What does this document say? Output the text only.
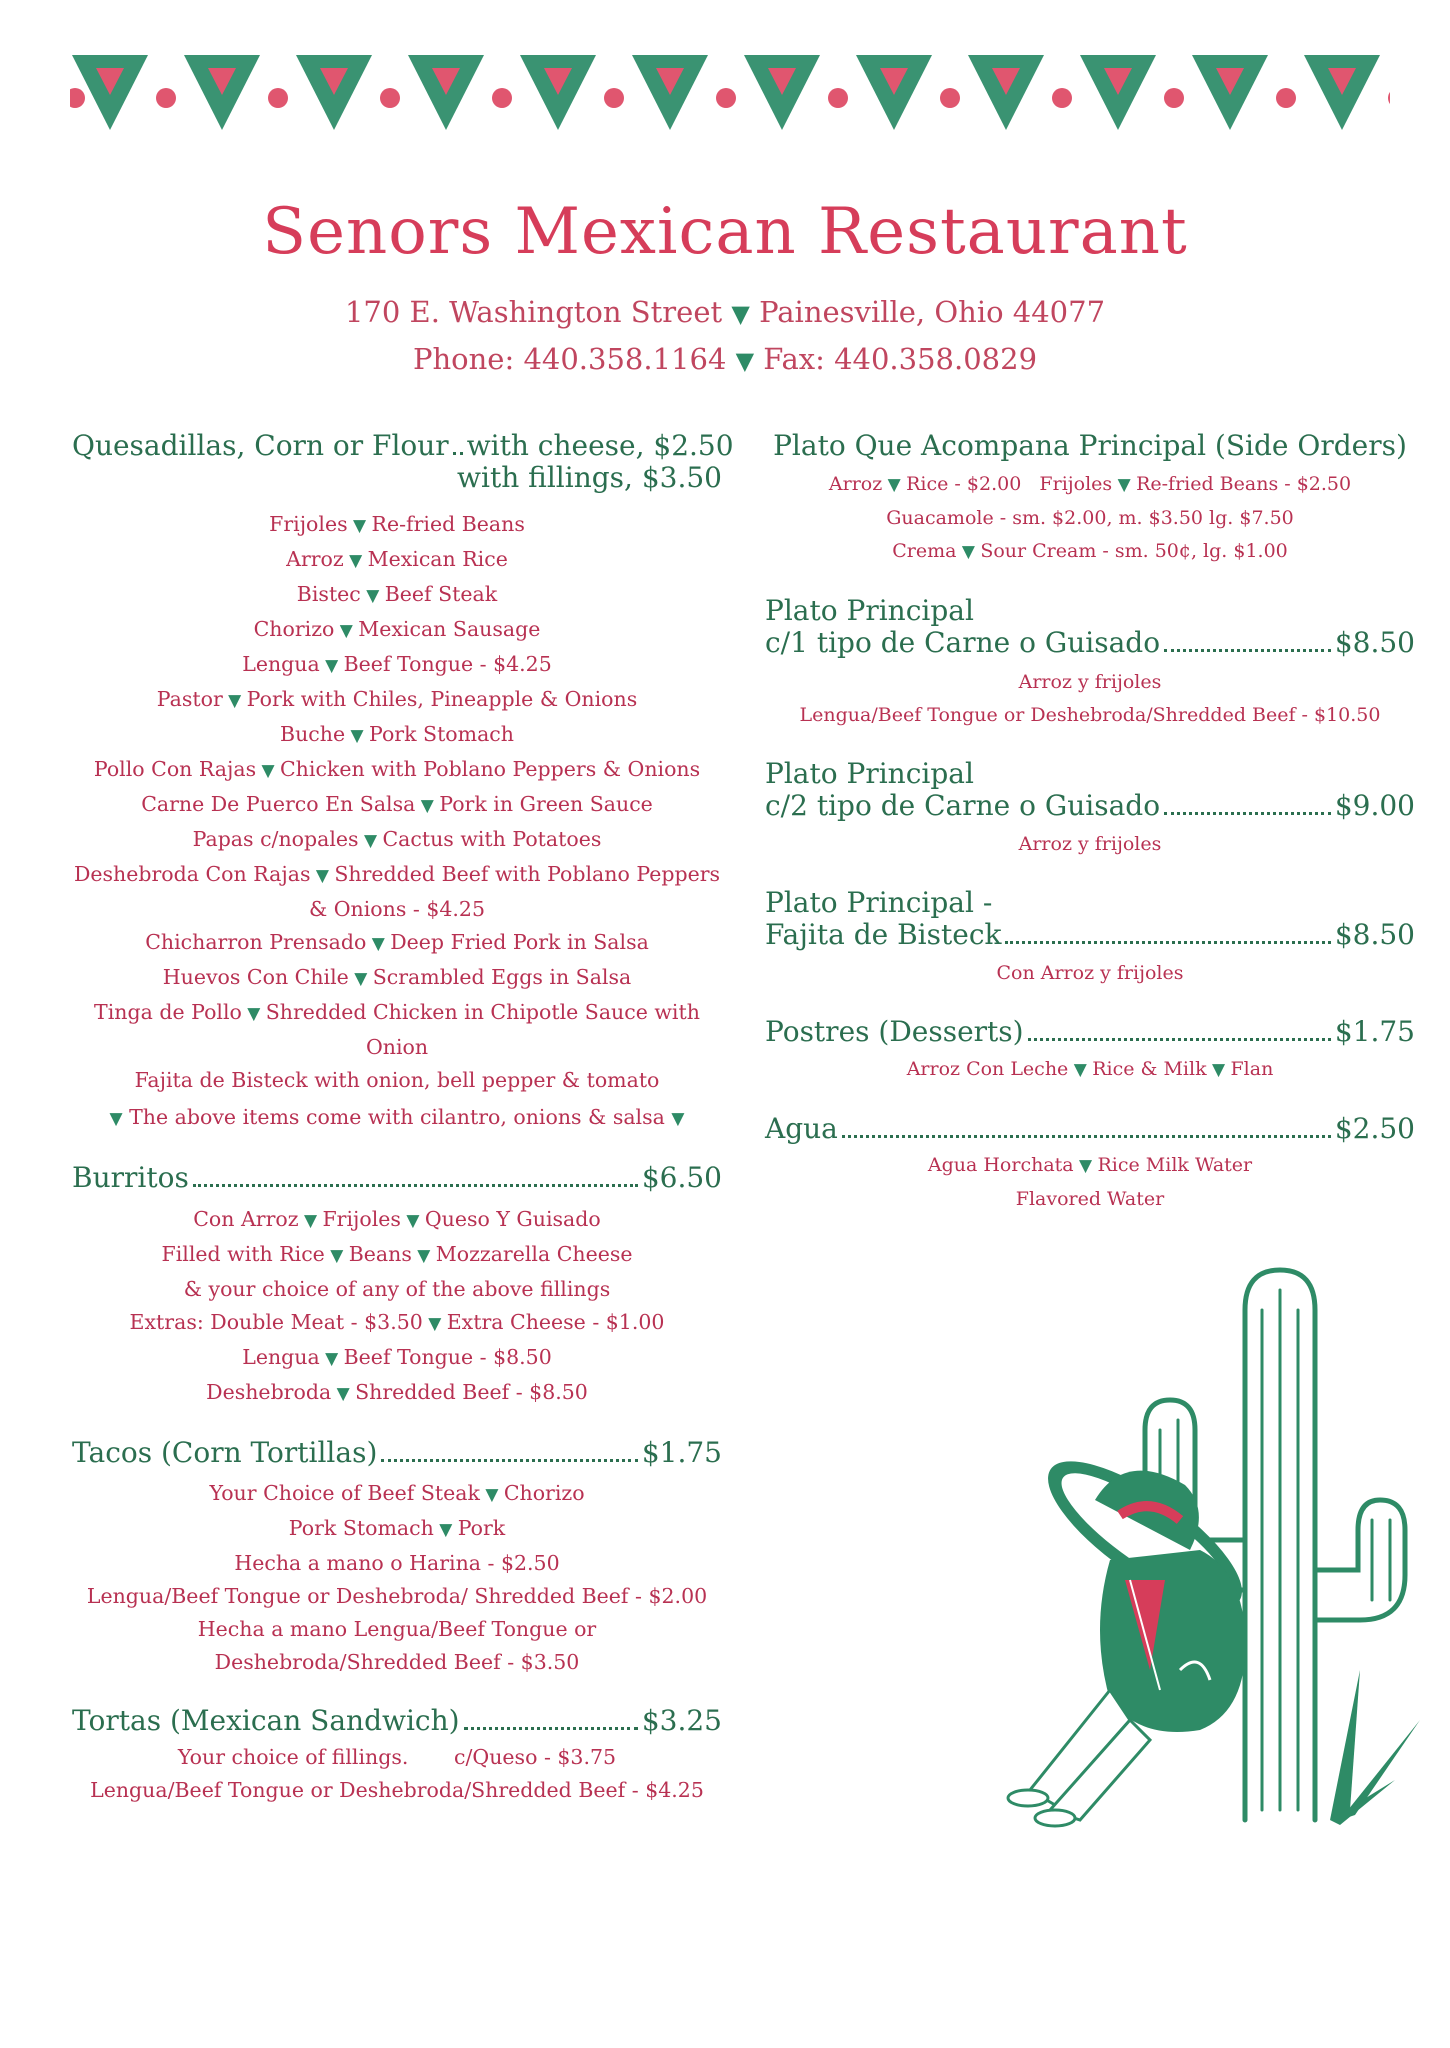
Senors Mexican Restaurant
170 E. Washington Street ▼ Painesville, Ohio 44077
Phone: 440.358.1164 ▼ Fax: 440.358.0829
Quesadillas, Corn or Flour with cheese,
$2.50
with fillings,
$3.50
Frijoles ▼ Re-fried Beans
Arroz ▼ Mexican Rice
Bistec ▼ Beef Steak
Chorizo ▼ Mexican Sausage
Lengua ▼ Beef Tongue - $4.25
Pastor ▼ Pork with Chiles, Pineapple & Onions
Buche ▼ Pork Stomach
Pollo Con Rajas ▼ Chicken with Poblano Peppers & Onions
Carne De Puerco En Salsa ▼ Pork in Green Sauce
Papas c/nopales ▼ Cactus with Potatoes
Deshebroda Con Rajas ▼ Shredded Beef with Poblano Peppers
& Onions - $4.25
Chicharron Prensado ▼ Deep Fried Pork in Salsa
Huevos Con Chile ▼ Scrambled Eggs in Salsa
Tinga de Pollo ▼ Shredded Chicken in Chipotle Sauce with Onion
Fajita de Bisteck with onion, bell pepper & tomato
▼ The above items come with cilantro, onions & salsa ▼
Burritos	$6.50
Con Arroz ▼ Frijoles ▼ Queso Y Guisado
Filled with Rice ▼ Beans ▼ Mozzarella Cheese
& your choice of any of the above fillings
Extras: Double Meat - $3.50 ▼ Extra Cheese - $1.00
Lengua ▼ Beef Tongue - $8.50
Deshebroda ▼ Shredded Beef - $8.50
Tacos (Corn Tortillas)	$1.75
Your Choice of Beef Steak ▼ Chorizo
Pork Stomach ▼ Pork
Hecha a mano o Harina - $2.50
Lengua/Beef Tongue or Deshebroda/ Shredded Beef - $2.00
Hecha a mano Lengua/Beef Tongue or
Deshebroda/Shredded Beef - $3.50
Tortas (Mexican Sandwich)	$3.25
Your choice of fillings. c/Queso - $3.75
Lengua/Beef Tongue or Deshebroda/Shredded Beef - $4.25
Plato Que Acompana Principal (Side Orders)
Arroz ▼ Rice - $2.00 Frijoles ▼ Re-fried Beans - $2.50
Guacamole - sm. $2.00, m. $3.50 lg. $7.50
Crema ▼ Sour Cream - sm. 50¢, lg. $1.00
Plato Principal
c/1 tipo de Carne o Guisado	$8.50
Arroz y frijoles
Lengua/Beef Tongue or Deshebroda/Shredded Beef - $10.50
Plato Principal
c/2 tipo de Carne o Guisado	$9.00
Arroz y frijoles
Plato Principal -
Fajita de Bisteck	$8.50
Con Arroz y frijoles
Postres (Desserts)	$1.75
Arroz Con Leche ▼ Rice & Milk ▼ Flan
Agua	$2.50
Agua Horchata ▼ Rice Milk Water
Flavored Water
